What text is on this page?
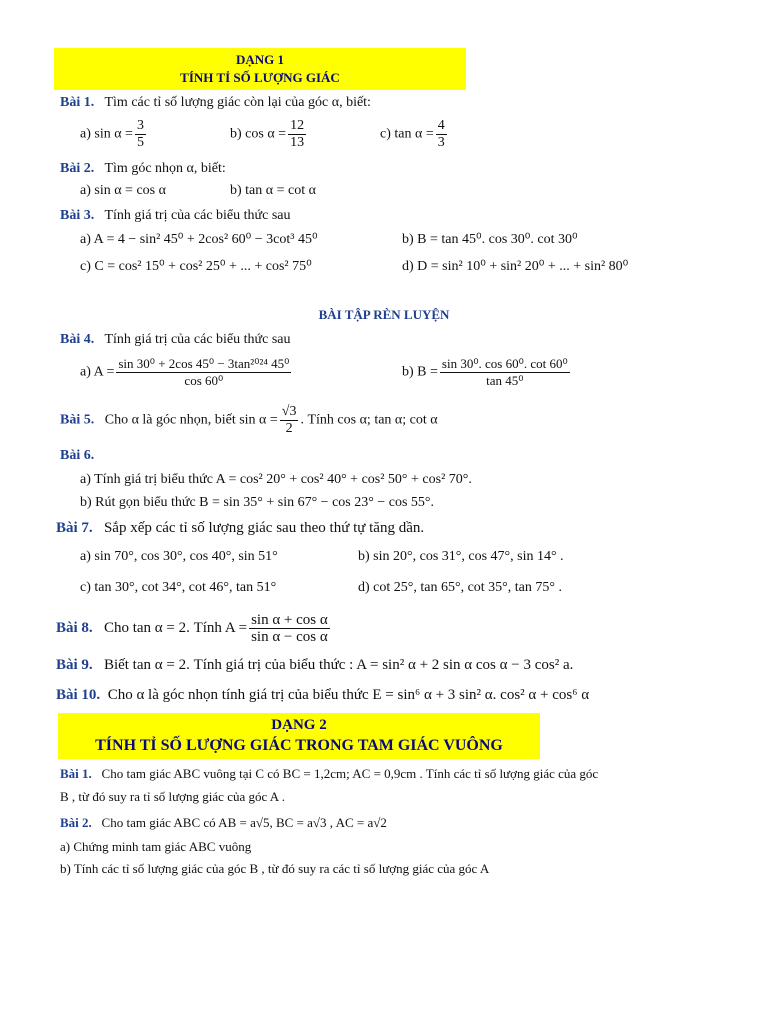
DẠNG 1
TÍNH TỈ SỐ LƯỢNG GIÁC
Bài 1. Tìm các tỉ số lượng giác còn lại của góc α, biết:
a) $\sin \alpha = \frac{3}{5}$	b) $\cos \alpha = \frac{12}{13}$	c) $\tan \alpha = \frac{4}{3}$
Bài 2. Tìm góc nhọn α, biết:
a) sin α = cos α	b) tan α = cot α
Bài 3. Tính giá trị của các biểu thức sau
a) A = 4 − sin² 45⁰ + 2cos² 60⁰ − 3cot³ 45⁰	b) B = tan 45⁰. cos 30⁰. cot 30⁰
c) C = cos² 15⁰ + cos² 25⁰ + ... + cos² 75⁰	d) D = sin² 10⁰ + sin² 20⁰ + ... + sin² 80⁰
BÀI TẬP RÈN LUYỆN
Bài 4. Tính giá trị của các biểu thức sau
a) $A = \frac{\text{sin 30⁰ + 2cos 45⁰ − 3tan²⁰²⁴ 45⁰}}{\text{cos 60⁰}}$	b) $B = \frac{\text{sin 30⁰. cos 60⁰. cot 60⁰}}{\text{tan 45⁰}}$
Bài 5. Cho α là góc nhọn, biết $\sin \alpha = \frac{√3}{2}$ . Tính cos α; tan α; cot α
Bài 6.
a) Tính giá trị biểu thức A = cos² 20° + cos² 40° + cos² 50° + cos² 70°.
b) Rút gọn biểu thức B = sin 35° + sin 67° − cos 23° − cos 55°.
Bài 7. Sắp xếp các tỉ số lượng giác sau theo thứ tự tăng dần.
a) sin 70°, cos 30°, cos 40°, sin 51°	b) sin 20°, cos 31°, cos 47°, sin 14° .
c) tan 30°, cot 34°, cot 46°, tan 51°	d) cot 25°, tan 65°, cot 35°, tan 75° .
Bài 8. Cho tan α = 2. Tính $A = \frac{\text{sin α + cos α}}{\text{sin α − cos α}}$
Bài 9. Biết tan α = 2. Tính giá trị của biểu thức : A = sin² α + 2 sin α cos α − 3 cos² a.
Bài 10. Cho α là góc nhọn tính giá trị của biểu thức E = sin⁶ α + 3 sin² α. cos² α + cos⁶ α
DẠNG 2
TÍNH TỈ SỐ LƯỢNG GIÁC TRONG TAM GIÁC VUÔNG
Bài 1. Cho tam giác ABC vuông tại C có BC = 1,2cm; AC = 0,9cm . Tính các tỉ số lượng giác của góc
B , từ đó suy ra tỉ số lượng giác của góc A .
Bài 2. Cho tam giác ABC có AB = a√5, BC = a√3 , AC = a√2
a) Chứng minh tam giác ABC vuông
b) Tính các tỉ số lượng giác của góc B , từ đó suy ra các tỉ số lượng giác của góc A
